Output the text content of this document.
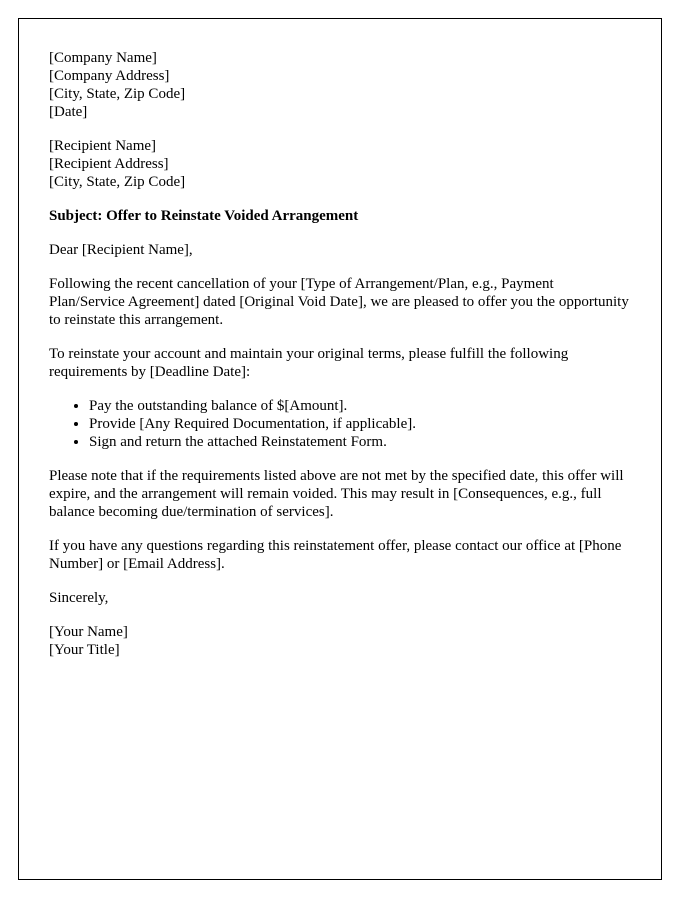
[Company Name]
[Company Address]
[City, State, Zip Code]
[Date]
[Recipient Name]
[Recipient Address]
[City, State, Zip Code]
Subject: Offer to Reinstate Voided Arrangement
Dear [Recipient Name],
Following the recent cancellation of your [Type of Arrangement/Plan, e.g., Payment Plan/Service Agreement] dated [Original Void Date], we are pleased to offer you the opportunity to reinstate this arrangement.
To reinstate your account and maintain your original terms, please fulfill the following requirements by [Deadline Date]:
• Pay the outstanding balance of $[Amount].
• Provide [Any Required Documentation, if applicable].
• Sign and return the attached Reinstatement Form.
Please note that if the requirements listed above are not met by the specified date, this offer will expire, and the arrangement will remain voided. This may result in [Consequences, e.g., full balance becoming due/termination of services].
If you have any questions regarding this reinstatement offer, please contact our office at [Phone Number] or [Email Address].
Sincerely,
[Your Name]
[Your Title]
